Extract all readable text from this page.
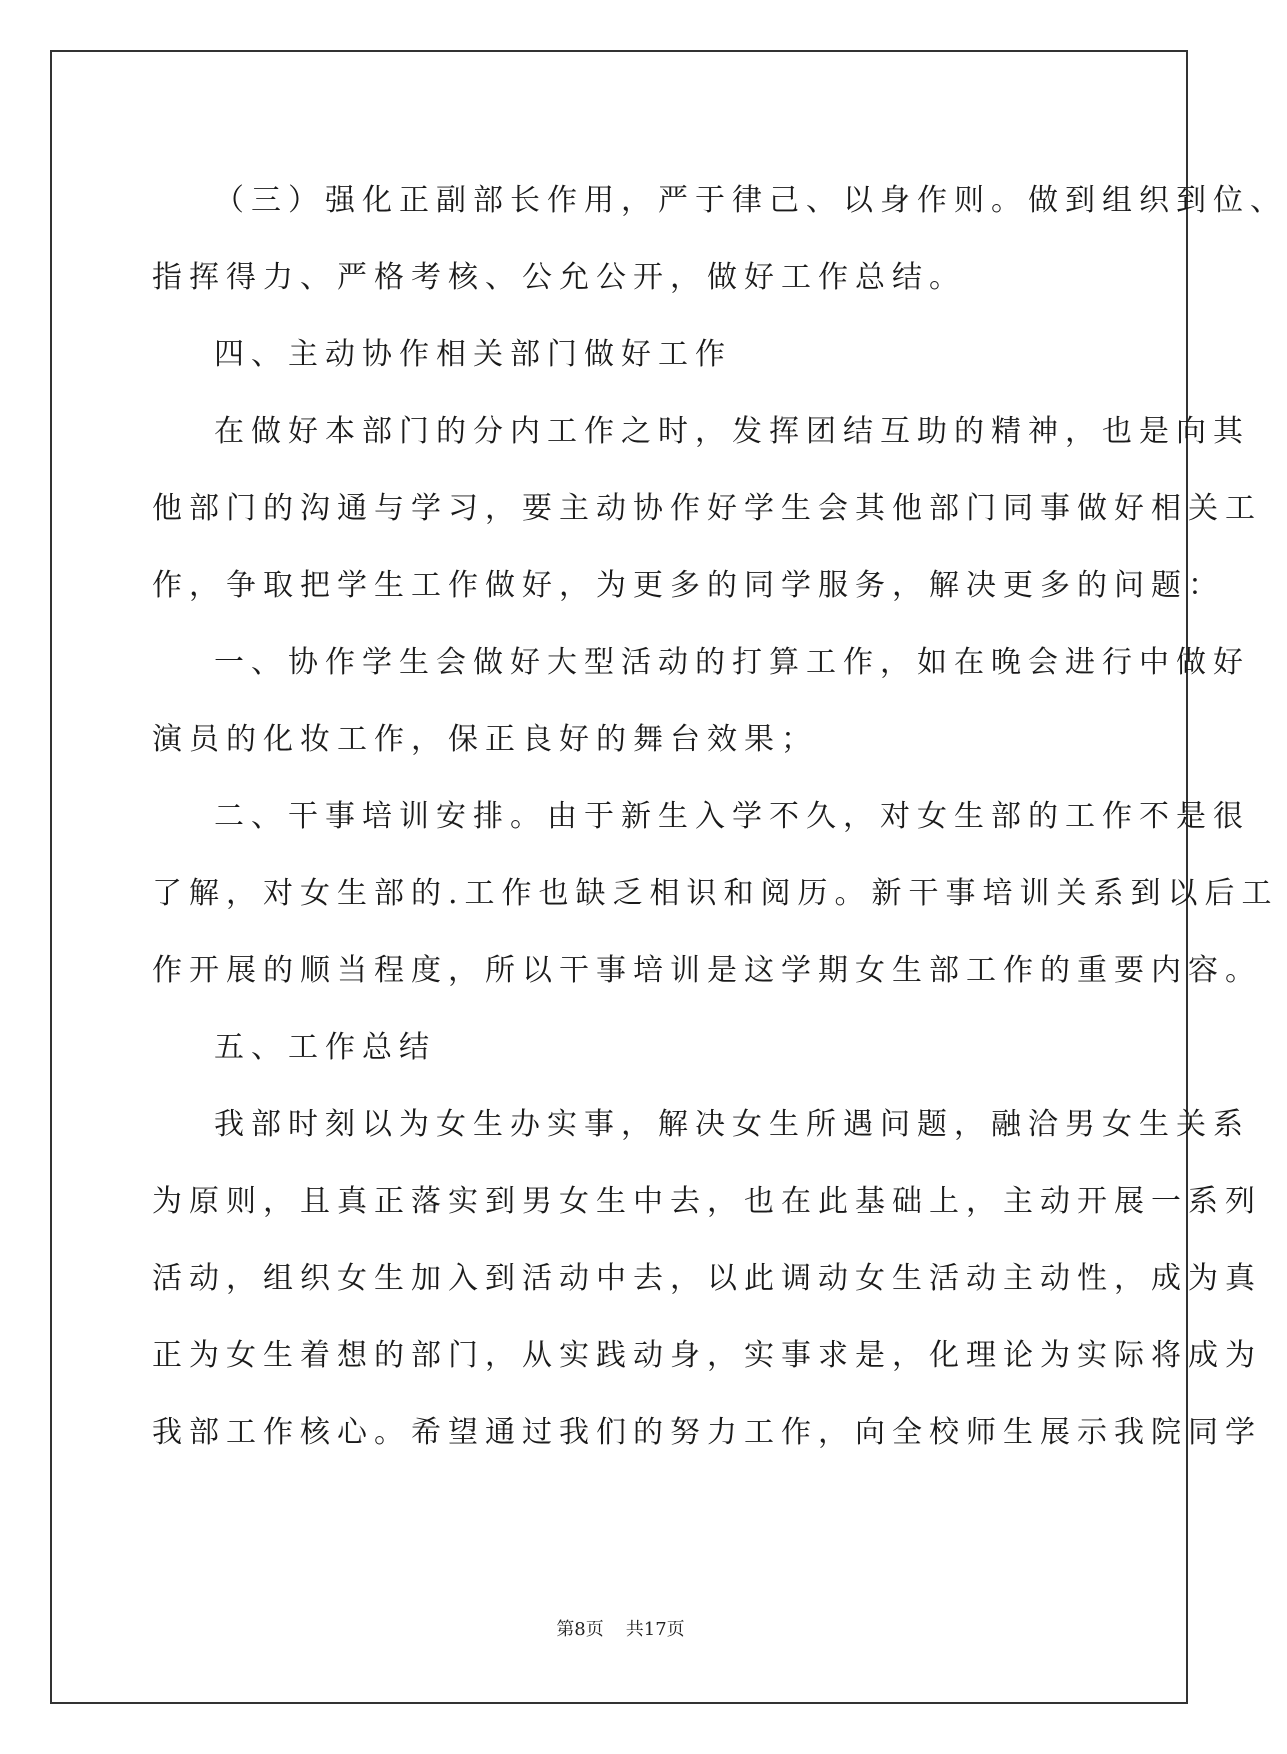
（三）强化正副部长作用，严于律己、以身作则。做到组织到位、
指挥得力、严格考核、公允公开，做好工作总结。
四、主动协作相关部门做好工作
在做好本部门的分内工作之时，发挥团结互助的精神，也是向其
他部门的沟通与学习，要主动协作好学生会其他部门同事做好相关工
作，争取把学生工作做好，为更多的同学服务，解决更多的问题：
一、协作学生会做好大型活动的打算工作，如在晚会进行中做好
演员的化妆工作，保正良好的舞台效果；
二、干事培训安排。由于新生入学不久，对女生部的工作不是很
了解，对女生部的.工作也缺乏相识和阅历。新干事培训关系到以后工
作开展的顺当程度，所以干事培训是这学期女生部工作的重要内容。
五、工作总结
我部时刻以为女生办实事，解决女生所遇问题，融洽男女生关系
为原则，且真正落实到男女生中去，也在此基础上，主动开展一系列
活动，组织女生加入到活动中去，以此调动女生活动主动性，成为真
正为女生着想的部门，从实践动身，实事求是，化理论为实际将成为
我部工作核心。希望通过我们的努力工作，向全校师生展示我院同学
第8页 共17页
